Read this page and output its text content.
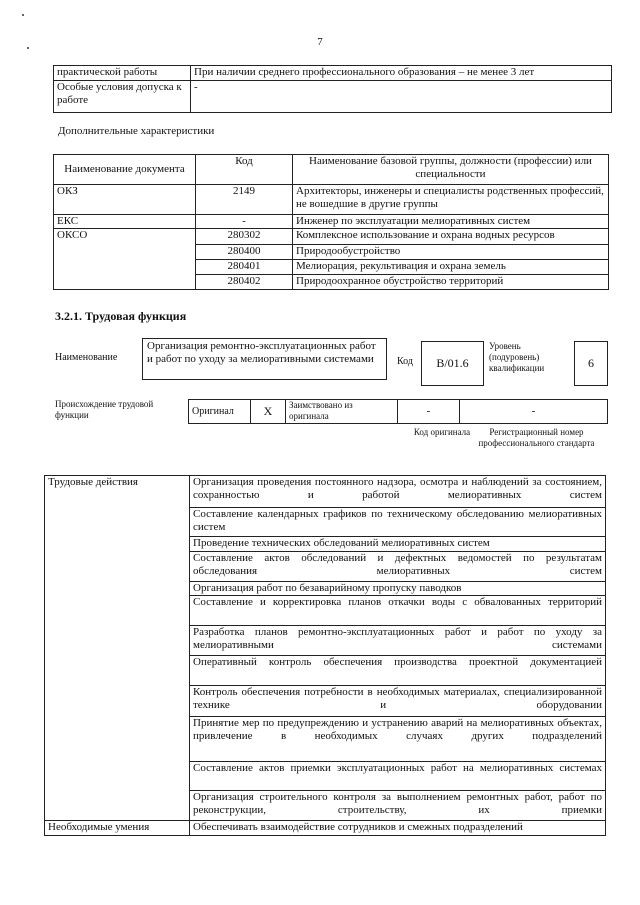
7
практической работы	При наличии среднего профессионального образования – не менее 3 лет
Особые условия допуска к работе	-
Дополнительные характеристики
Наименование документа	Код	Наименование базовой группы, должности (профессии) или специальности
ОКЗ	2149	Архитекторы, инженеры и специалисты родственных профессий, не вошедшие в другие группы
ЕКС	-	Инженер по эксплуатации мелиоративных систем
ОКСО	280302	Комплексное использование и охрана водных ресурсов
	280400	Природообустройство
	280401	Мелиорация, рекультивация и охрана земель
	280402	Природоохранное обустройство территорий
3.2.1. Трудовая функция
Наименование
Организация ремонтно-эксплуатационных работ и работ по уходу за мелиоративными системами	Код	В/01.6
Уровень (подуровень) квалификации	6
Происхождение трудовой функции	Оригинал	X	Заимствовано из оригинала	-	-
Код оригинала	Регистрационный номер профессионального стандарта
Трудовые действия	Организация проведения постоянного надзора, осмотра и наблюдений за состоянием, сохранностью и работой мелиоративных систем
	Составление календарных графиков по техническому обследованию мелиоративных систем
	Проведение технических обследований мелиоративных систем
	Составление актов обследований и дефектных ведомостей по результатам обследования мелиоративных систем
	Организация работ по безаварийному пропуску паводков
	Составление и корректировка планов откачки воды с обвалованных территорий
	Разработка планов ремонтно-эксплуатационных работ и работ по уходу за мелиоративными системами
	Оперативный контроль обеспечения производства проектной документацией
	Контроль обеспечения потребности в необходимых материалах, специализированной технике и оборудовании
	Принятие мер по предупреждению и устранению аварий на мелиоративных объектах, привлечение в необходимых случаях других подразделений
	Составление актов приемки эксплуатационных работ на мелиоративных системах
	Организация строительного контроля за выполнением ремонтных работ, работ по реконструкции, строительству, их приемки
Необходимые умения	Обеспечивать взаимодействие сотрудников и смежных подразделений
